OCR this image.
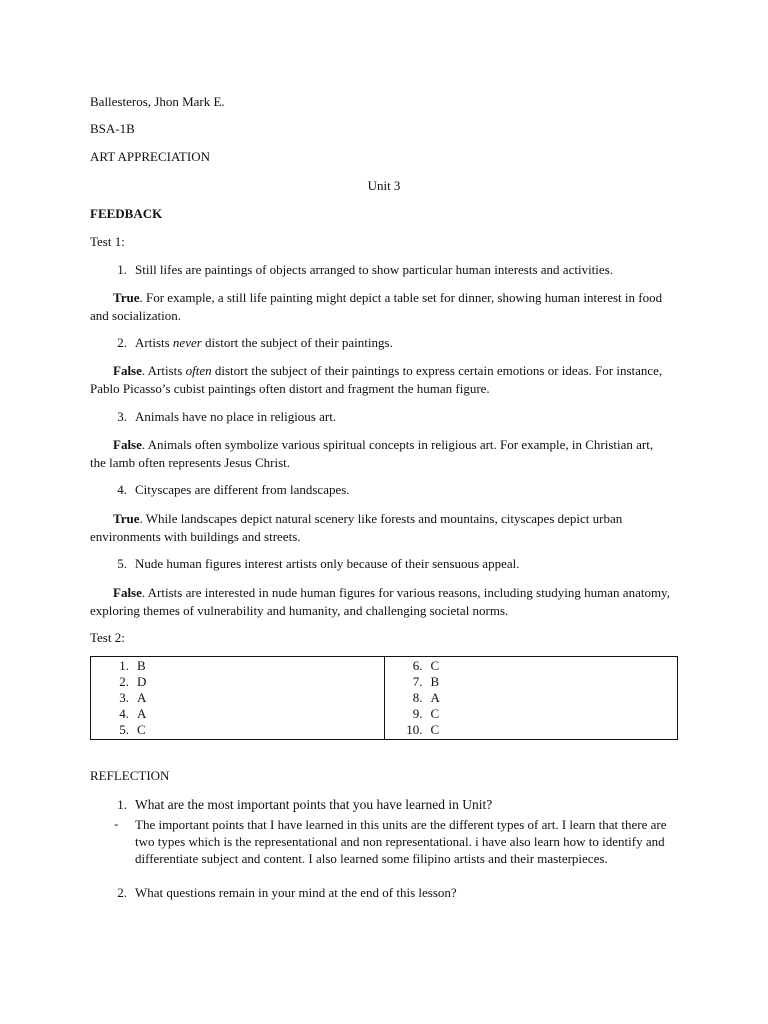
Ballesteros, Jhon Mark E.
BSA-1B
ART APPRECIATION
Unit 3
FEEDBACK
Test 1:
1. Still lifes are paintings of objects arranged to show particular human interests and activities.
True. For example, a still life painting might depict a table set for dinner, showing human interest in food and socialization.
2. Artists never distort the subject of their paintings.
False. Artists often distort the subject of their paintings to express certain emotions or ideas. For instance, Pablo Picasso’s cubist paintings often distort and fragment the human figure.
3. Animals have no place in religious art.
False. Animals often symbolize various spiritual concepts in religious art. For example, in Christian art, the lamb often represents Jesus Christ.
4. Cityscapes are different from landscapes.
True. While landscapes depict natural scenery like forests and mountains, cityscapes depict urban environments with buildings and streets.
5. Nude human figures interest artists only because of their sensuous appeal.
False. Artists are interested in nude human figures for various reasons, including studying human anatomy, exploring themes of vulnerability and humanity, and challenging societal norms.
Test 2:
1. B
2. D
3. A
4. A
5. C

6. C
7. B
8. A
9. C
10. C
REFLECTION
1. What are the most important points that you have learned in Unit?
- The important points that I have learned in this units are the different types of art. I learn that there are two types which is the representational and non representational. i have also learn how to identify and differentiate subject and content. I also learned some filipino artists and their masterpieces.
2. What questions remain in your mind at the end of this lesson?
